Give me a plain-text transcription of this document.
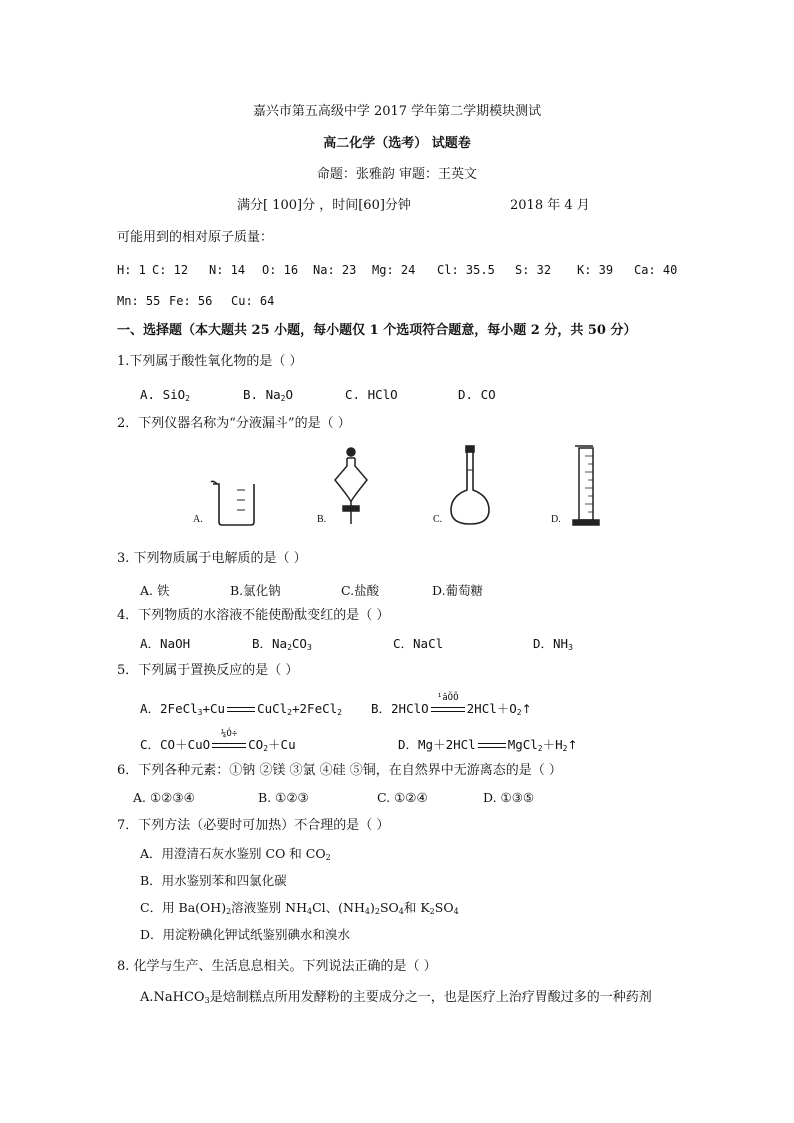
嘉兴市第五高级中学 2017 学年第二学期模块测试
高二化学（选考） 试题卷
命题：张雅韵 审题：王英文
满分[ 100]分 ，时间[60]分钟	2018 年 4 月
可能用到的相对原子质量：
H: 1 C: 12 N: 14 O: 16 Na: 23 Mg: 24 Cl: 35.5 S: 32 K: 39 Ca: 40
Mn: 55 Fe: 56 Cu: 64
一、选择题（本大题共 25 小题，每小题仅 1 个选项符合题意，每小题 2 分，共 50 分）
1.下列属于酸性氧化物的是（ ）
A. SiO$_2$	B. $Na_2O$	C. HClO	D. CO
2．下列仪器名称为“分液漏斗”的是（ ）
A.	B.	C.	D.
3. 下列物质属于电解质的是（ ）
A. 铁	B.氯化钠	C.盐酸	D.葡萄糖
4．下列物质的水溶液不能使酚酞变红的是（ ）
A．NaOH	B．$Na_2CO_3$	C．NaCl	D．$NH_3$
5．下列属于置换反应的是（ ）
A．2FeCl$_3$+Cu	CuCl$_2$+2FeCl$_2$ B．2HClO
¹âÕÕ
$2HCl+O_2↑$
C．CO＋CuO
¼Ó÷
$CO_2+Cu$	D．Mg＋2HCl	$MgCl_2+H_2↑$
6．下列各种元素：①钠 ②镁 ③氯 ④硅 ⑤铜，在自然界中无游离态的是（ ）
A. ①②③④	B. ①②③	C. ①②④	D. ①③⑤
7．下列方法（必要时可加热）不合理的是（ ）
A．用澄清石灰水鉴别 CO 和 $CO_2$
B．用水鉴别苯和四氯化碳
C．用 $Ba(OH)_2$溶液鉴别 $NH_4Cl$、$(NH_4)_2SO_4$和 $K_2SO_4$
D．用淀粉碘化钾试纸鉴别碘水和溴水
8. 化学与生产、生活息息相关。下列说法正确的是（ ）
A.NaHCO$_3$是焙制糕点所用发酵粉的主要成分之一，也是医疗上治疗胃酸过多的一种药剂
